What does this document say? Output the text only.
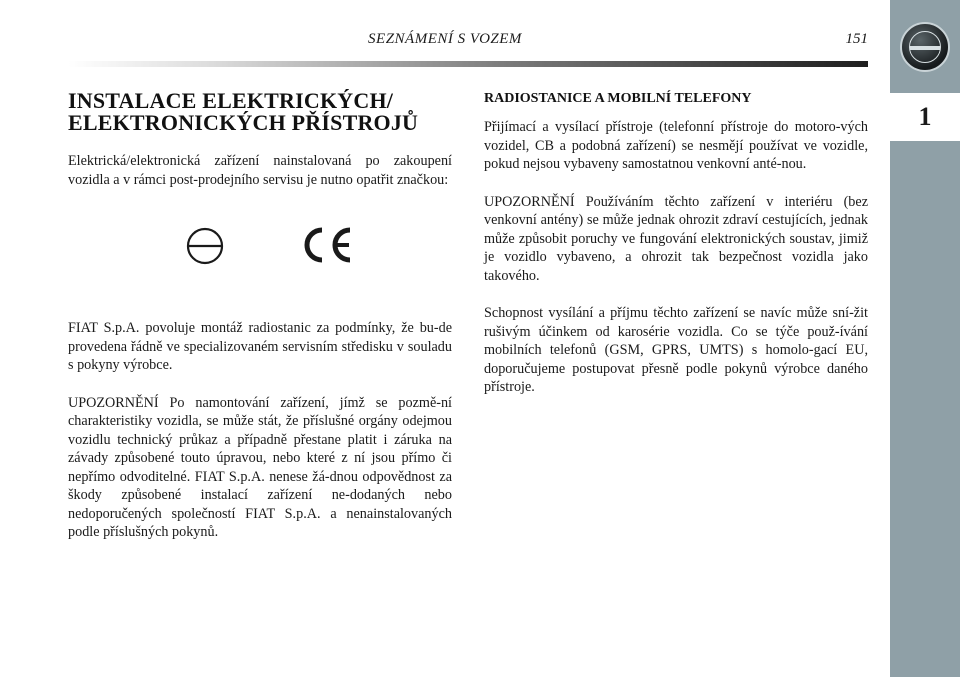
SEZNÁMENÍ S VOZEM	151
1
INSTALACE ELEKTRICKÝCH/
ELEKTRONICKÝCH PŘÍSTROJŮ

Elektrická/elektronická zařízení nainstalovaná po zakoupení vozidla a v rámci post-prodejního servisu je nutno opatřit značkou:

FIAT S.p.A. povoluje montáž radiostanic za podmínky, že bu-de provedena řádně ve specializovaném servisním středisku v souladu s pokyny výrobce.

UPOZORNĚNÍ Po namontování zařízení, jímž se pozmě-ní charakteristiky vozidla, se může stát, že příslušné orgány odejmou vozidlu technický průkaz a případně přestane platit i záruka na závady způsobené touto úpravou, nebo které z ní jsou přímo či nepřímo odvoditelné. FIAT S.p.A. nenese žá-dnou odpovědnost za škody způsobené instalací zařízení ne-dodaných nebo nedoporučených společností FIAT S.p.A. a nenainstalovaných podle příslušných pokynů.

RADIOSTANICE A MOBILNÍ TELEFONY

Přijímací a vysílací přístroje (telefonní přístroje do motoro-vých vozidel, CB a podobná zařízení) se nesmějí používat ve vozidle, pokud nejsou vybaveny samostatnou venkovní anté-nou.

UPOZORNĚNÍ Používáním těchto zařízení v interiéru (bez venkovní antény) se může jednak ohrozit zdraví cestujících, jednak může způsobit poruchy ve fungování elektronických soustav, jimiž je vozidlo vybaveno, a ohrozit tak bezpečnost vozidla jako takového.

Schopnost vysílání a příjmu těchto zařízení se navíc může sní-žit rušivým účinkem od karosérie vozidla. Co se týče použ-ívání mobilních telefonů (GSM, GPRS, UMTS) s homolo-gací EU, doporučujeme postupovat přesně podle pokynů výrobce daného přístroje.
